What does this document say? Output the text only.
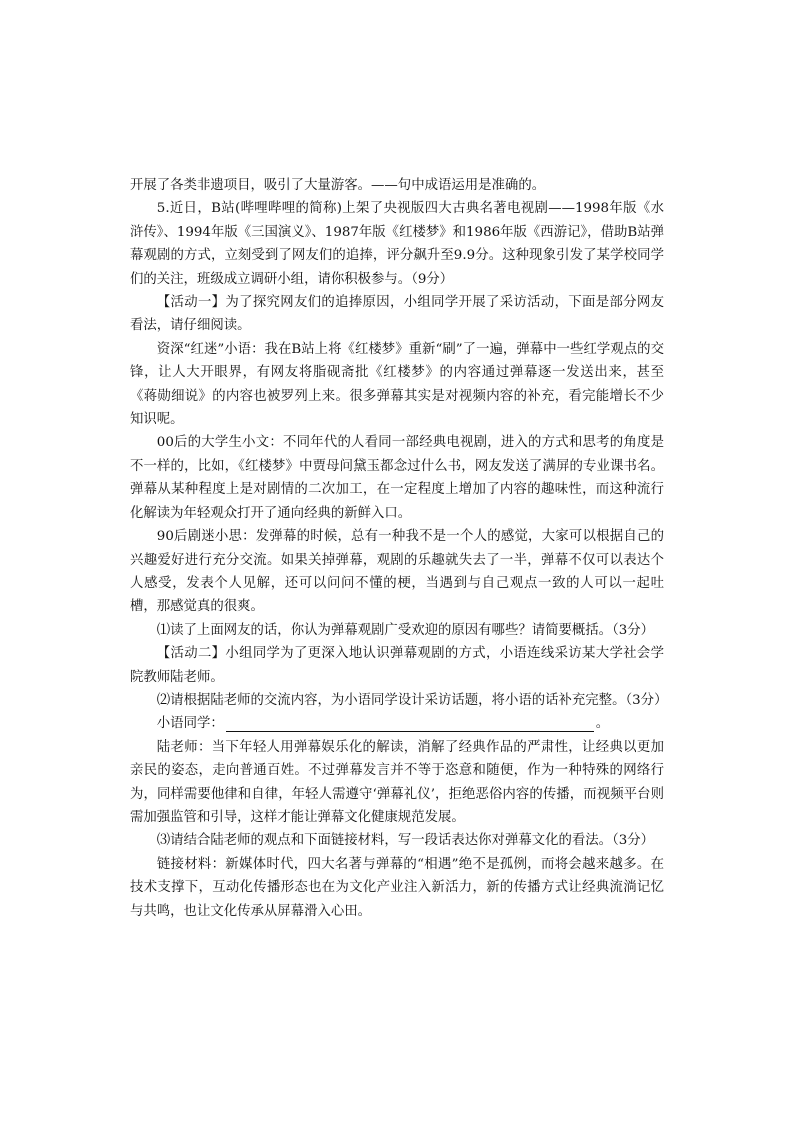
开展了各类非遗项目，吸引了大量游客。——句中成语运用是准确的。

5.近日，B站(哔哩哔哩的简称)上架了央视版四大古典名著电视剧——1998年版《水浒传》、1994年版《三国演义》、1987年版《红楼梦》和1986年版《西游记》，借助B站弹幕观剧的方式，立刻受到了网友们的追捧，评分飙升至9.9分。这种现象引发了某学校同学们的关注，班级成立调研小组，请你积极参与。（9分）

【活动一】为了探究网友们的追捧原因，小组同学开展了采访活动，下面是部分网友看法，请仔细阅读。

资深“红迷”小语：我在B站上将《红楼梦》重新“刷”了一遍，弹幕中一些红学观点的交锋，让人大开眼界，有网友将脂砚斋批《红楼梦》的内容通过弹幕逐一发送出来，甚至《蒋勋细说》的内容也被罗列上来。很多弹幕其实是对视频内容的补充，看完能增长不少知识呢。

00后的大学生小文：不同年代的人看同一部经典电视剧，进入的方式和思考的角度是不一样的，比如，《红楼梦》中贾母问黛玉都念过什么书，网友发送了满屏的专业课书名。弹幕从某种程度上是对剧情的二次加工，在一定程度上增加了内容的趣味性，而这种流行化解读为年轻观众打开了通向经典的新鲜入口。

90后剧迷小思：发弹幕的时候，总有一种我不是一个人的感觉，大家可以根据自己的兴趣爱好进行充分交流。如果关掉弹幕，观剧的乐趣就失去了一半，弹幕不仅可以表达个人感受，发表个人见解，还可以问问不懂的梗，当遇到与自己观点一致的人可以一起吐槽，那感觉真的很爽。

⑴读了上面网友的话，你认为弹幕观剧广受欢迎的原因有哪些？请简要概括。（3分）

【活动二】小组同学为了更深入地认识弹幕观剧的方式，小语连线采访某大学社会学院教师陆老师。

⑵请根据陆老师的交流内容，为小语同学设计采访话题，将小语的话补充完整。（3分）

小语同学：	。

陆老师：当下年轻人用弹幕娱乐化的解读，消解了经典作品的严肃性，让经典以更加亲民的姿态，走向普通百姓。不过弹幕发言并不等于恣意和随便，作为一种特殊的网络行为，同样需要他律和自律，年轻人需遵守‘弹幕礼仪’，拒绝恶俗内容的传播，而视频平台则需加强监管和引导，这样才能让弹幕文化健康规范发展。

⑶请结合陆老师的观点和下面链接材料，写一段话表达你对弹幕文化的看法。（3分）

链接材料：新媒体时代，四大名著与弹幕的“相遇”绝不是孤例，而将会越来越多。在技术支撑下，互动化传播形态也在为文化产业注入新活力，新的传播方式让经典流淌记忆与共鸣，也让文化传承从屏幕滑入心田。
